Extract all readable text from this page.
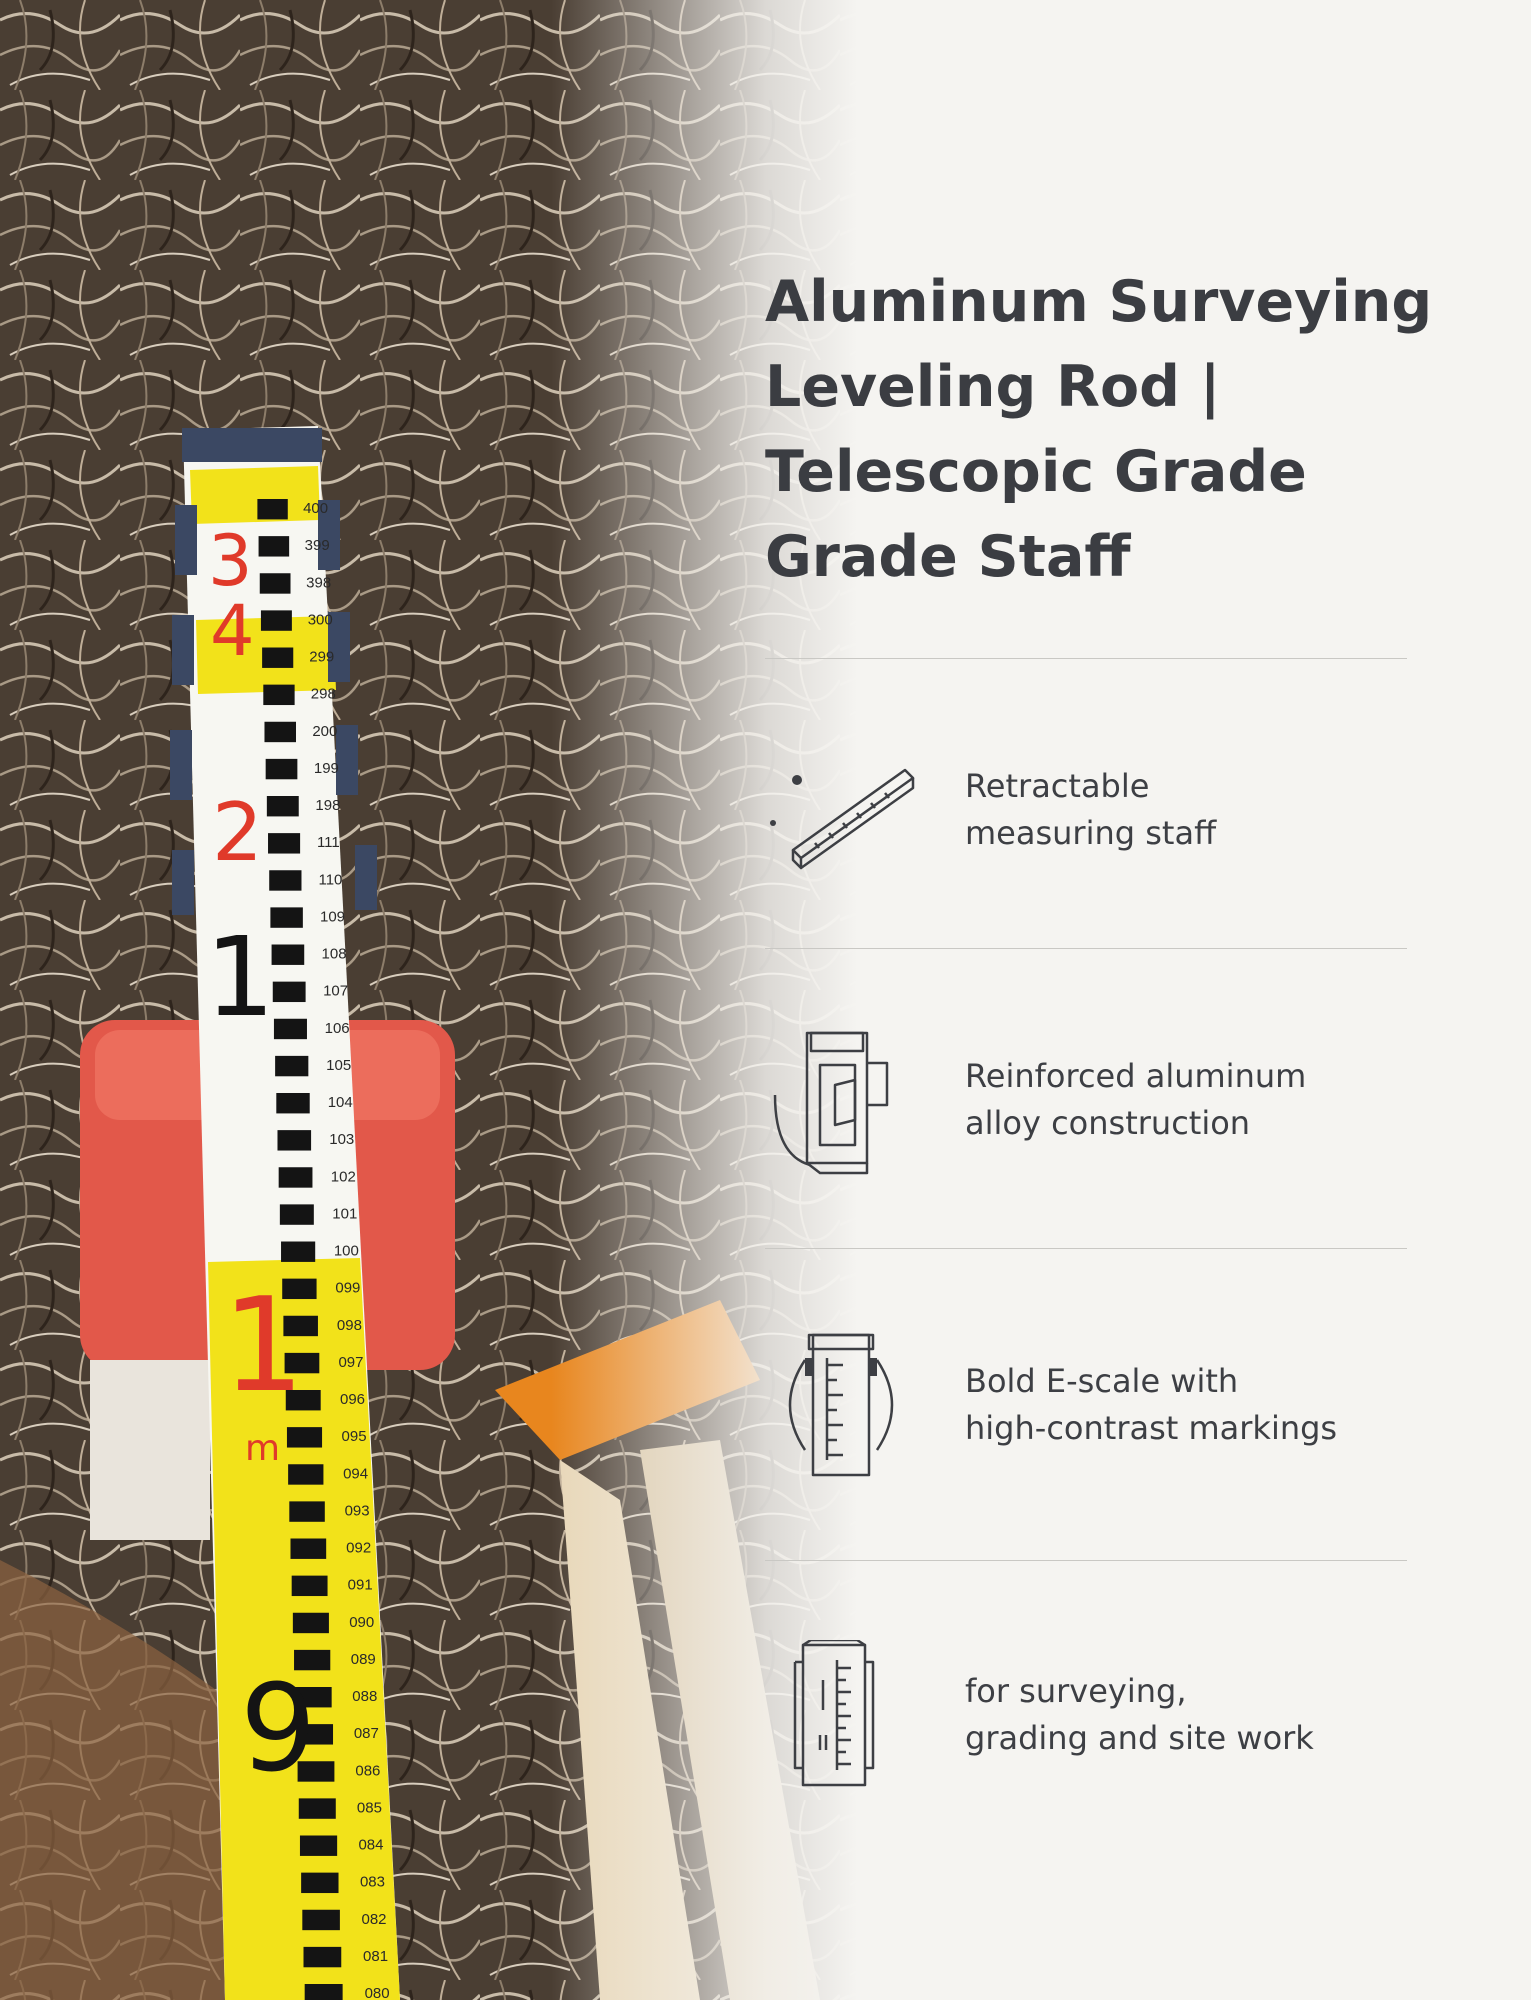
Aluminum Surveying
Leveling Rod |
Telescopic Grade
Grade Staff
Retractable
measuring staff
Reinforced aluminum
alloy construction
Bold E-scale with
high-contrast markings
for surveying,
grading and site work
